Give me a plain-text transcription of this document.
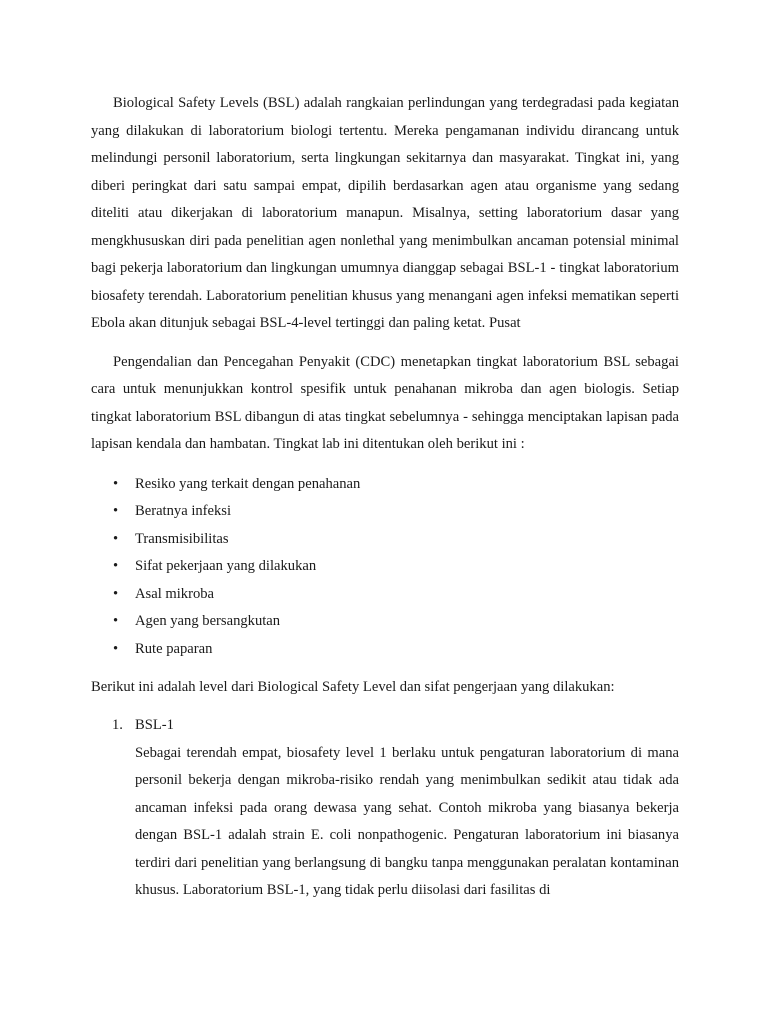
Biological Safety Levels (BSL) adalah rangkaian perlindungan yang terdegradasi pada kegiatan yang dilakukan di laboratorium biologi tertentu. Mereka pengamanan individu dirancang untuk melindungi personil laboratorium, serta lingkungan sekitarnya dan masyarakat. Tingkat ini, yang diberi peringkat dari satu sampai empat, dipilih berdasarkan agen atau organisme yang sedang diteliti atau dikerjakan di laboratorium manapun. Misalnya, setting laboratorium dasar yang mengkhususkan diri pada penelitian agen nonlethal yang menimbulkan ancaman potensial minimal bagi pekerja laboratorium dan lingkungan umumnya dianggap sebagai BSL-1 - tingkat laboratorium biosafety terendah. Laboratorium penelitian khusus yang menangani agen infeksi mematikan seperti Ebola akan ditunjuk sebagai BSL-4-level tertinggi dan paling ketat. Pusat

Pengendalian dan Pencegahan Penyakit (CDC) menetapkan tingkat laboratorium BSL sebagai cara untuk menunjukkan kontrol spesifik untuk penahanan mikroba dan agen biologis. Setiap tingkat laboratorium BSL dibangun di atas tingkat sebelumnya - sehingga menciptakan lapisan pada lapisan kendala dan hambatan. Tingkat lab ini ditentukan oleh berikut ini :

• Resiko yang terkait dengan penahanan
• Beratnya infeksi
• Transmisibilitas
• Sifat pekerjaan yang dilakukan
• Asal mikroba
• Agen yang bersangkutan
• Rute paparan

Berikut ini adalah level dari Biological Safety Level dan sifat pengerjaan yang dilakukan:

1. BSL-1

Sebagai terendah empat, biosafety level 1 berlaku untuk pengaturan laboratorium di mana personil bekerja dengan mikroba-risiko rendah yang menimbulkan sedikit atau tidak ada ancaman infeksi pada orang dewasa yang sehat. Contoh mikroba yang biasanya bekerja dengan BSL-1 adalah strain E. coli nonpathogenic. Pengaturan laboratorium ini biasanya terdiri dari penelitian yang berlangsung di bangku tanpa menggunakan peralatan kontaminan khusus. Laboratorium BSL-1, yang tidak perlu diisolasi dari fasilitas di
